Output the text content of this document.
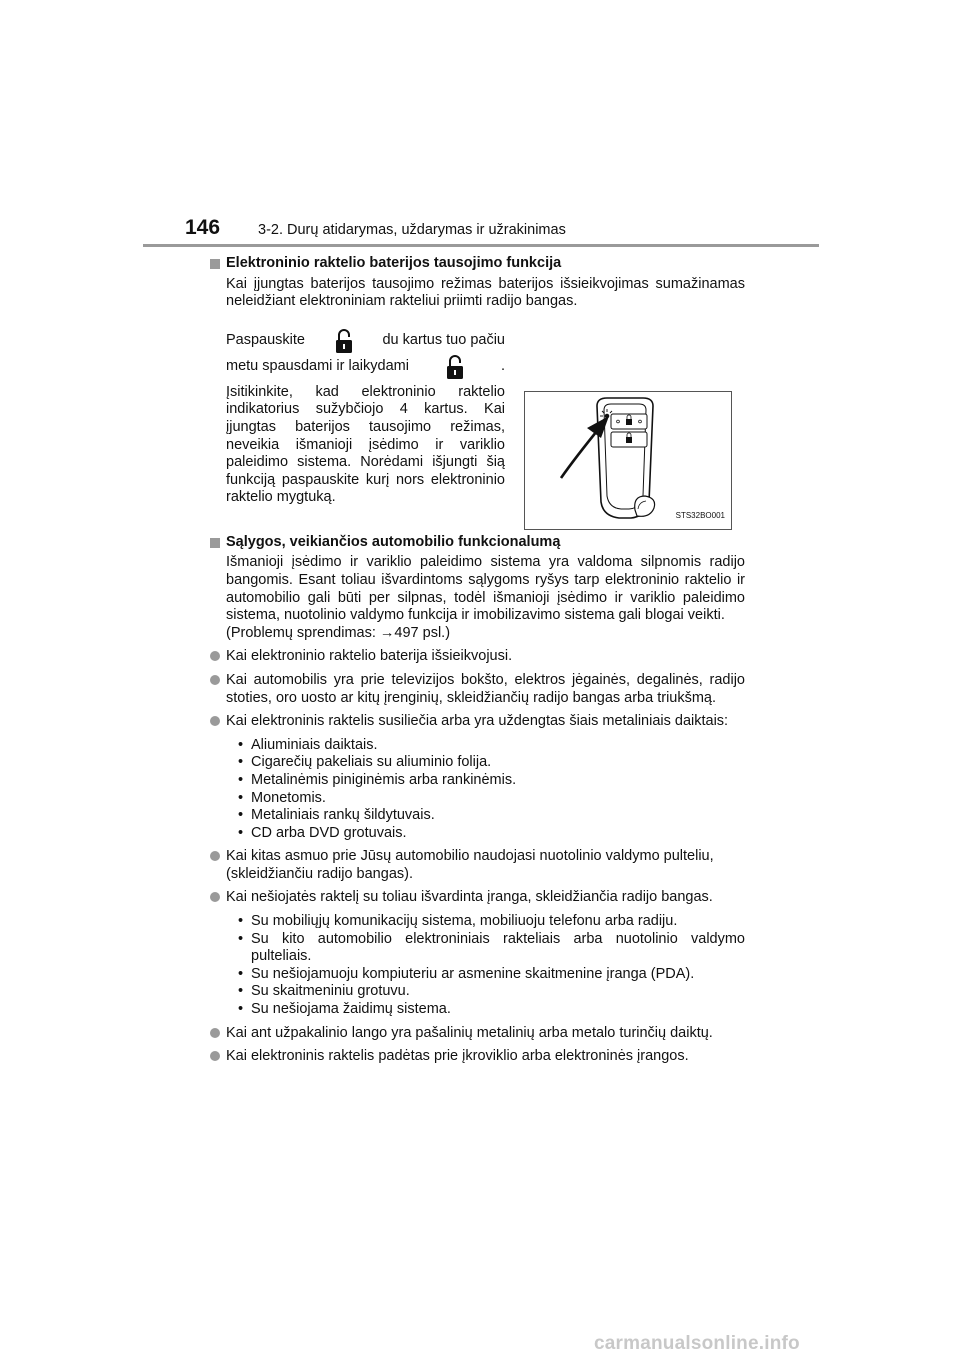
146	3-2. Durų atidarymas, uždarymas ir užrakinimas
Elektroninio raktelio baterijos tausojimo funkcija
Kai įjungtas baterijos tausojimo režimas baterijos išsieikvojimas sumažinamas neleidžiant elektroniniam rakteliui priimti radijo bangas.
Paspauskite	du kartus tuo pačiu
metu spausdami ir laikydami	.

Įsitikinkite, kad elektroninio raktelio indikatorius sužybčiojo 4 kartus. Kai įjungtas baterijos tausojimo režimas, neveikia išmanioji įsėdimo ir variklio paleidimo sistema. Norėdami išjungti šią funkciją paspauskite kurį nors elektroninio raktelio mygtuką.

STS32BO001
Sąlygos, veikiančios automobilio funkcionalumą
Išmanioji įsėdimo ir variklio paleidimo sistema yra valdoma silpnomis radijo bangomis. Esant toliau išvardintoms sąlygoms ryšys tarp elektroninio raktelio ir automobilio gali būti per silpnas, todėl išmanioji įsėdimo ir variklio paleidimo sistema, nuotolinio valdymo funkcija ir imobilizavimo sistema gali blogai veikti.
(Problemų sprendimas: →497 psl.)
Kai elektroninio raktelio baterija išsieikvojusi.
Kai automobilis yra prie televizijos bokšto, elektros jėgainės, degalinės, radijo stoties, oro uosto ar kitų įrenginių, skleidžiančių radijo bangas arba triukšmą.
Kai elektroninis raktelis susiliečia arba yra uždengtas šiais metaliniais daiktais:
• Aliuminiais daiktais.
• Cigarečių pakeliais su aliuminio folija.
• Metalinėmis piniginėmis arba rankinėmis.
• Monetomis.
• Metaliniais rankų šildytuvais.
• CD arba DVD grotuvais.
Kai kitas asmuo prie Jūsų automobilio naudojasi nuotolinio valdymo pulteliu, (skleidžiančiu radijo bangas).
Kai nešiojatės raktelį su toliau išvardinta įranga, skleidžiančia radijo bangas.
• Su mobiliųjų komunikacijų sistema, mobiliuoju telefonu arba radiju.
• Su kito automobilio elektroniniais rakteliais arba nuotolinio valdymo pulteliais.
• Su nešiojamuoju kompiuteriu ar asmenine skaitmenine įranga (PDA).
• Su skaitmeniniu grotuvu.
• Su nešiojama žaidimų sistema.
Kai ant užpakalinio lango yra pašalinių metalinių arba metalo turinčių daiktų.
Kai elektroninis raktelis padėtas prie įkroviklio arba elektroninės įrangos.
carmanualsonline.info
